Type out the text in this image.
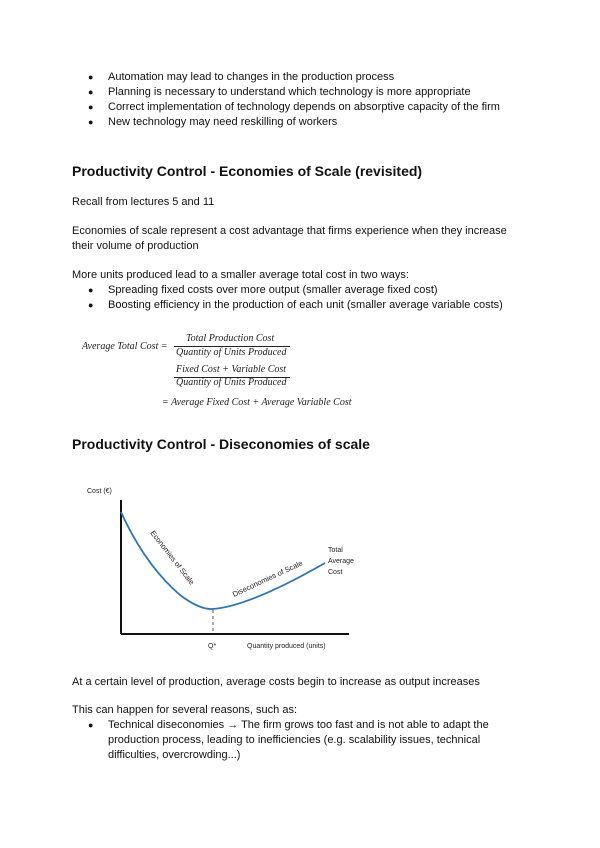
● Automation may lead to changes in the production process
● Planning is necessary to understand which technology is more appropriate
● Correct implementation of technology depends on absorptive capacity of the firm
● New technology may need reskilling of workers
Productivity Control - Economies of Scale (revisited)
Recall from lectures 5 and 11
Economies of scale represent a cost advantage that firms experience when they increase
their volume of production
More units produced lead to a smaller average total cost in two ways:
● Spreading fixed costs over more output (smaller average fixed cost)
● Boosting efficiency in the production of each unit (smaller average variable costs)
Average Total Cost =
Total Production Cost
Quantity of Units Produced
Fixed Cost + Variable Cost
Quantity of Units Produced
= Average Fixed Cost + Average Variable Cost
Productivity Control - Diseconomies of scale
Cost (€)
Q*	Quantity produced (units)
Economies of Scale	Diseconomies of Scale
Total
Average
Cost
At a certain level of production, average costs begin to increase as output increases
This can happen for several reasons, such as:
● Technical diseconomies → The firm grows too fast and is not able to adapt the
production process, leading to inefficiencies (e.g. scalability issues, technical
difficulties, overcrowding...)
